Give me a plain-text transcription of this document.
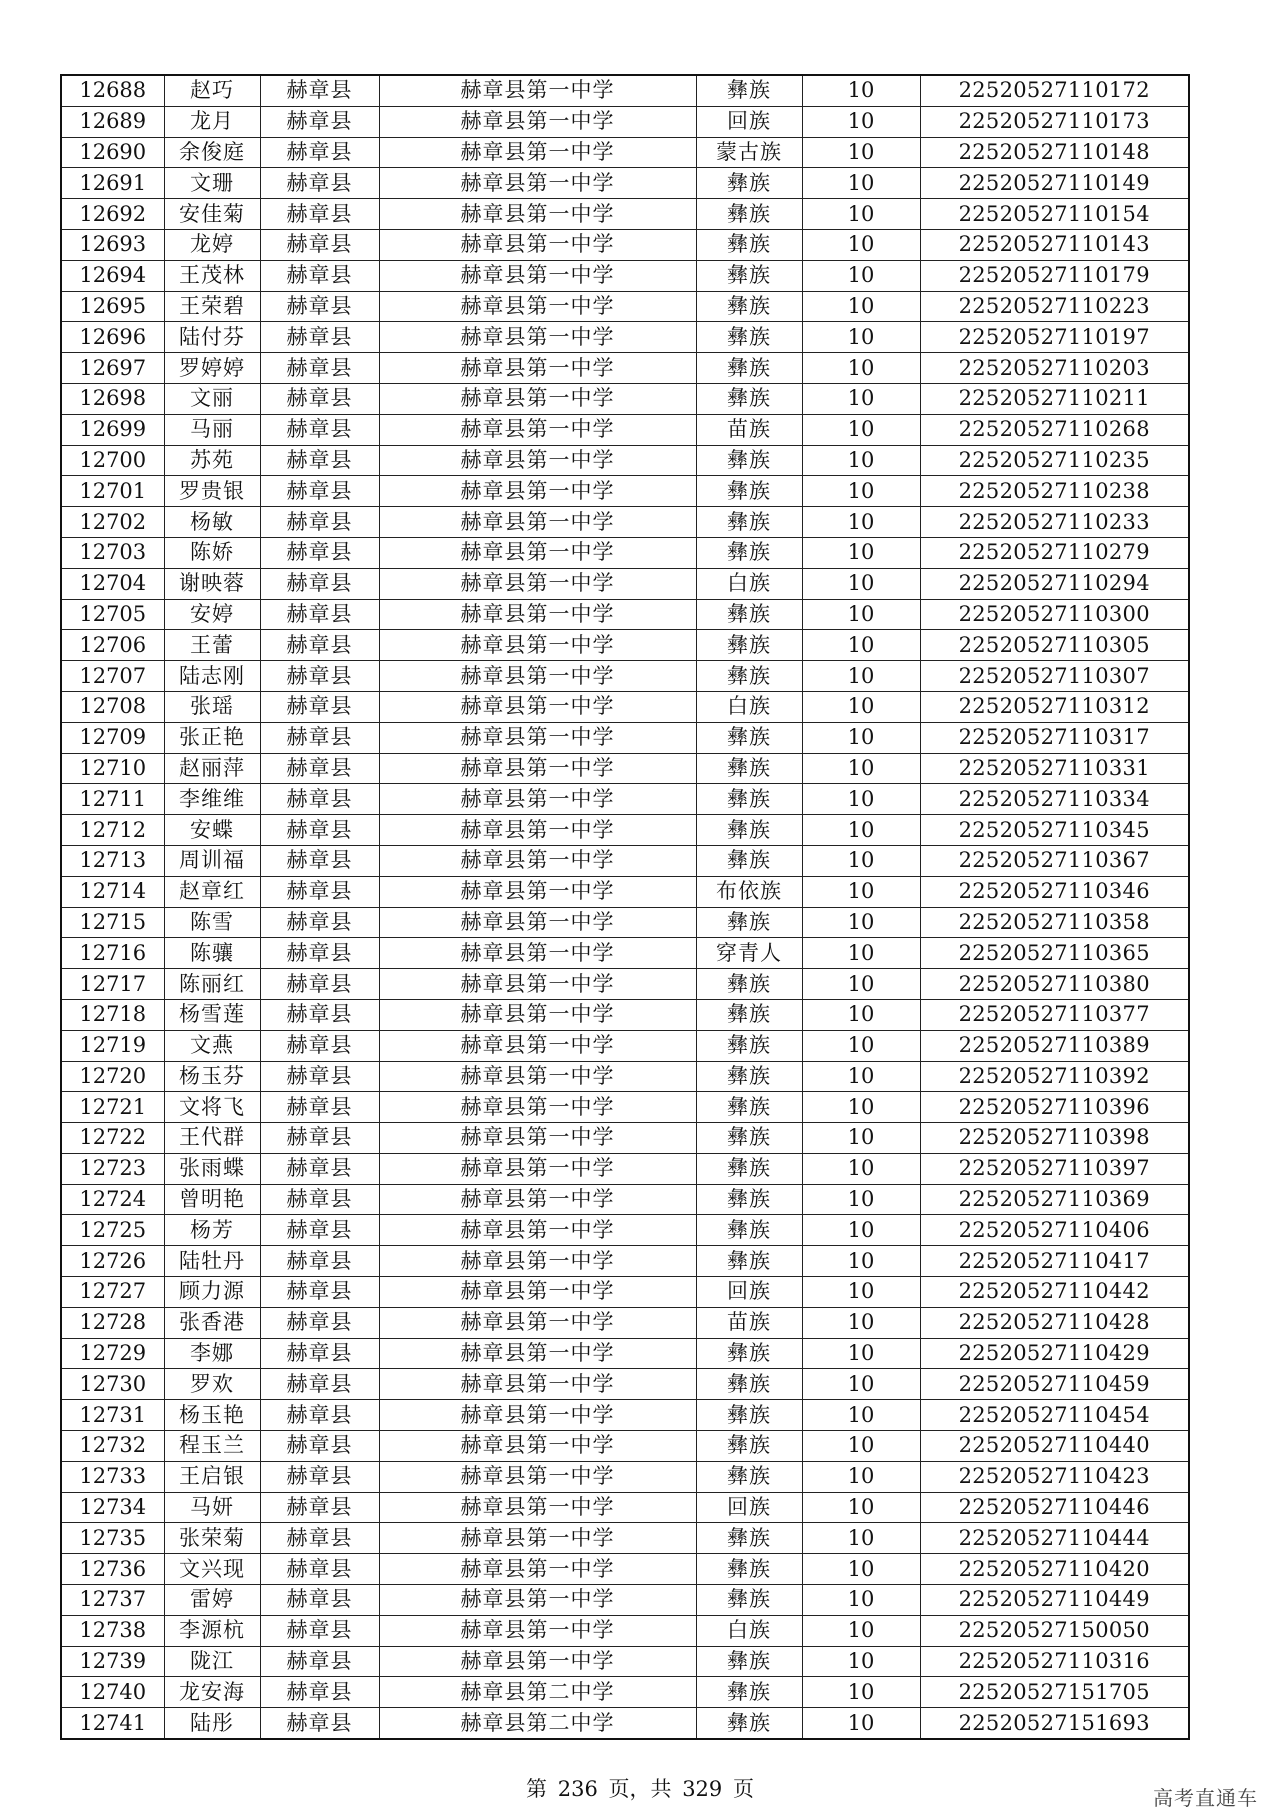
12688	赵巧	赫章县	赫章县第一中学	彝族	10	22520527110172
12689	龙月	赫章县	赫章县第一中学	回族	10	22520527110173
12690	余俊庭	赫章县	赫章县第一中学	蒙古族	10	22520527110148
12691	文珊	赫章县	赫章县第一中学	彝族	10	22520527110149
12692	安佳菊	赫章县	赫章县第一中学	彝族	10	22520527110154
12693	龙婷	赫章县	赫章县第一中学	彝族	10	22520527110143
12694	王茂林	赫章县	赫章县第一中学	彝族	10	22520527110179
12695	王荣碧	赫章县	赫章县第一中学	彝族	10	22520527110223
12696	陆付芬	赫章县	赫章县第一中学	彝族	10	22520527110197
12697	罗婷婷	赫章县	赫章县第一中学	彝族	10	22520527110203
12698	文丽	赫章县	赫章县第一中学	彝族	10	22520527110211
12699	马丽	赫章县	赫章县第一中学	苗族	10	22520527110268
12700	苏苑	赫章县	赫章县第一中学	彝族	10	22520527110235
12701	罗贵银	赫章县	赫章县第一中学	彝族	10	22520527110238
12702	杨敏	赫章县	赫章县第一中学	彝族	10	22520527110233
12703	陈娇	赫章县	赫章县第一中学	彝族	10	22520527110279
12704	谢映蓉	赫章县	赫章县第一中学	白族	10	22520527110294
12705	安婷	赫章县	赫章县第一中学	彝族	10	22520527110300
12706	王蕾	赫章县	赫章县第一中学	彝族	10	22520527110305
12707	陆志刚	赫章县	赫章县第一中学	彝族	10	22520527110307
12708	张瑶	赫章县	赫章县第一中学	白族	10	22520527110312
12709	张正艳	赫章县	赫章县第一中学	彝族	10	22520527110317
12710	赵丽萍	赫章县	赫章县第一中学	彝族	10	22520527110331
12711	李维维	赫章县	赫章县第一中学	彝族	10	22520527110334
12712	安蝶	赫章县	赫章县第一中学	彝族	10	22520527110345
12713	周训福	赫章县	赫章县第一中学	彝族	10	22520527110367
12714	赵章红	赫章县	赫章县第一中学	布依族	10	22520527110346
12715	陈雪	赫章县	赫章县第一中学	彝族	10	22520527110358
12716	陈骧	赫章县	赫章县第一中学	穿青人	10	22520527110365
12717	陈丽红	赫章县	赫章县第一中学	彝族	10	22520527110380
12718	杨雪莲	赫章县	赫章县第一中学	彝族	10	22520527110377
12719	文燕	赫章县	赫章县第一中学	彝族	10	22520527110389
12720	杨玉芬	赫章县	赫章县第一中学	彝族	10	22520527110392
12721	文将飞	赫章县	赫章县第一中学	彝族	10	22520527110396
12722	王代群	赫章县	赫章县第一中学	彝族	10	22520527110398
12723	张雨蝶	赫章县	赫章县第一中学	彝族	10	22520527110397
12724	曾明艳	赫章县	赫章县第一中学	彝族	10	22520527110369
12725	杨芳	赫章县	赫章县第一中学	彝族	10	22520527110406
12726	陆牡丹	赫章县	赫章县第一中学	彝族	10	22520527110417
12727	顾力源	赫章县	赫章县第一中学	回族	10	22520527110442
12728	张香港	赫章县	赫章县第一中学	苗族	10	22520527110428
12729	李娜	赫章县	赫章县第一中学	彝族	10	22520527110429
12730	罗欢	赫章县	赫章县第一中学	彝族	10	22520527110459
12731	杨玉艳	赫章县	赫章县第一中学	彝族	10	22520527110454
12732	程玉兰	赫章县	赫章县第一中学	彝族	10	22520527110440
12733	王启银	赫章县	赫章县第一中学	彝族	10	22520527110423
12734	马妍	赫章县	赫章县第一中学	回族	10	22520527110446
12735	张荣菊	赫章县	赫章县第一中学	彝族	10	22520527110444
12736	文兴现	赫章县	赫章县第一中学	彝族	10	22520527110420
12737	雷婷	赫章县	赫章县第一中学	彝族	10	22520527110449
12738	李源杭	赫章县	赫章县第一中学	白族	10	22520527150050
12739	陇江	赫章县	赫章县第一中学	彝族	10	22520527110316
12740	龙安海	赫章县	赫章县第二中学	彝族	10	22520527151705
12741	陆彤	赫章县	赫章县第二中学	彝族	10	22520527151693
第 236 页，共 329 页	高考直通车
